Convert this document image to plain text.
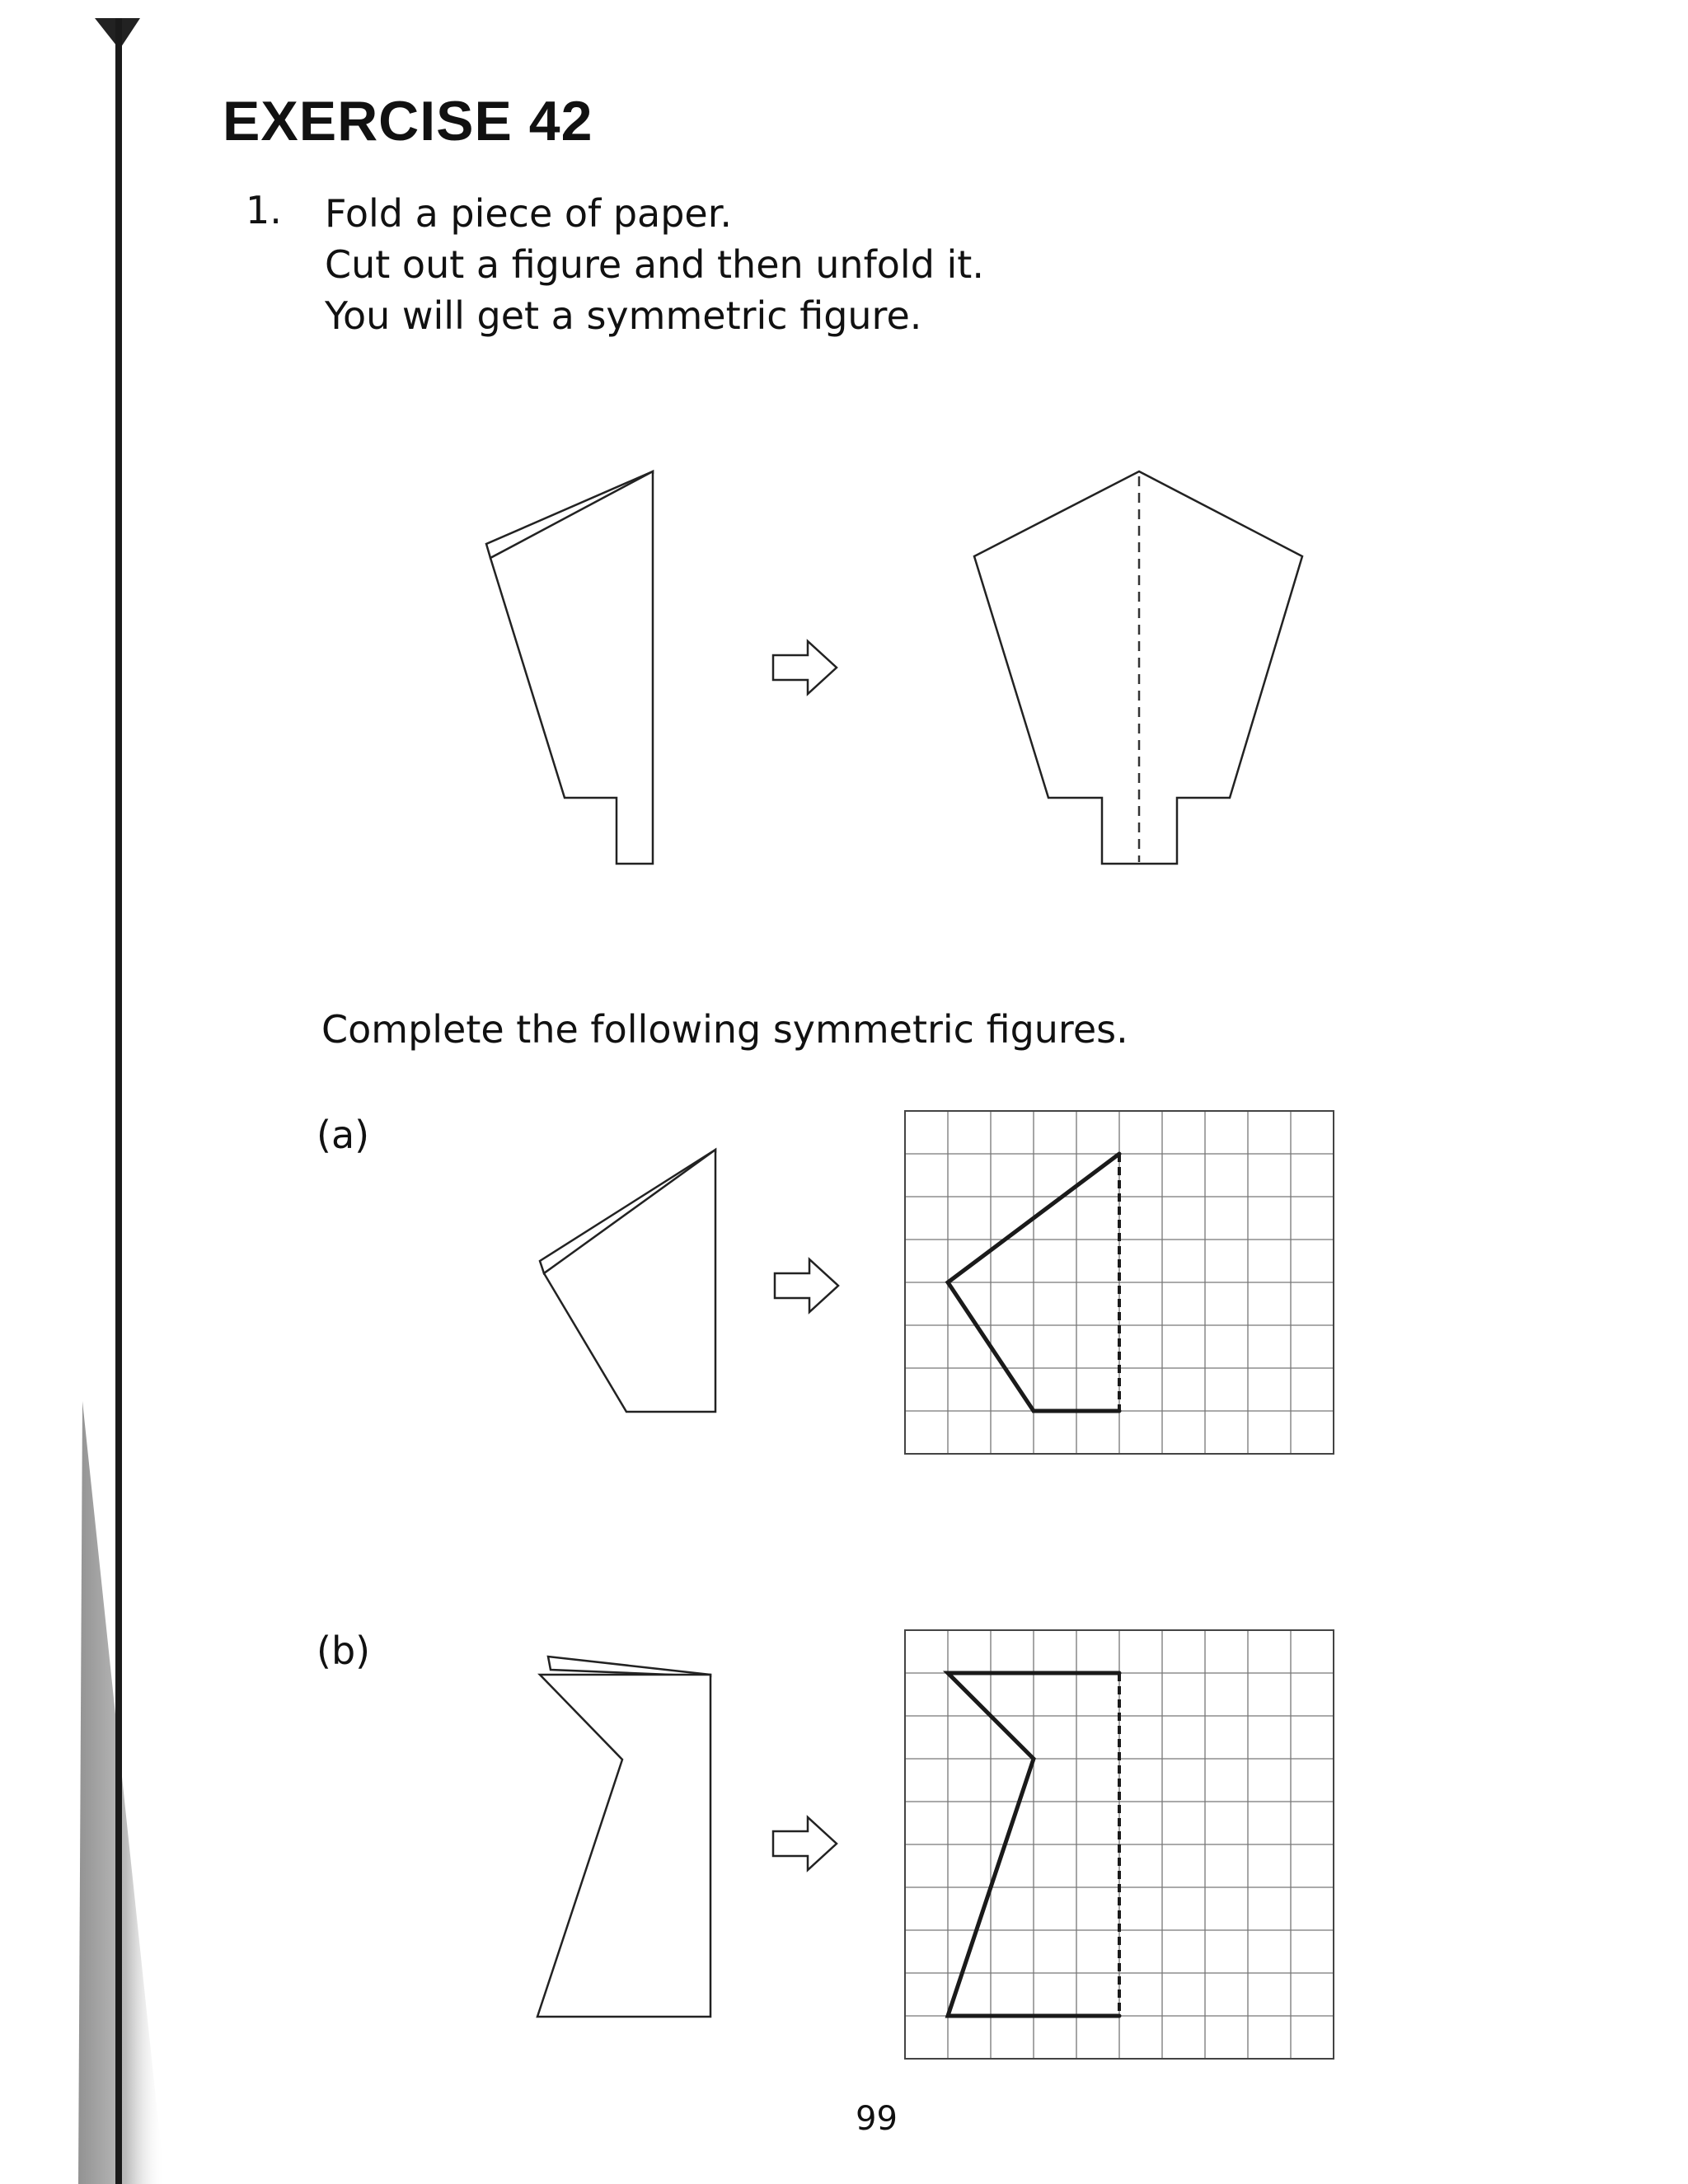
EXERCISE 42
1. Fold a piece of paper.
Cut out a figure and then unfold it.
You will get a symmetric figure.
Complete the following symmetric figures.
(a)
(b)
99
